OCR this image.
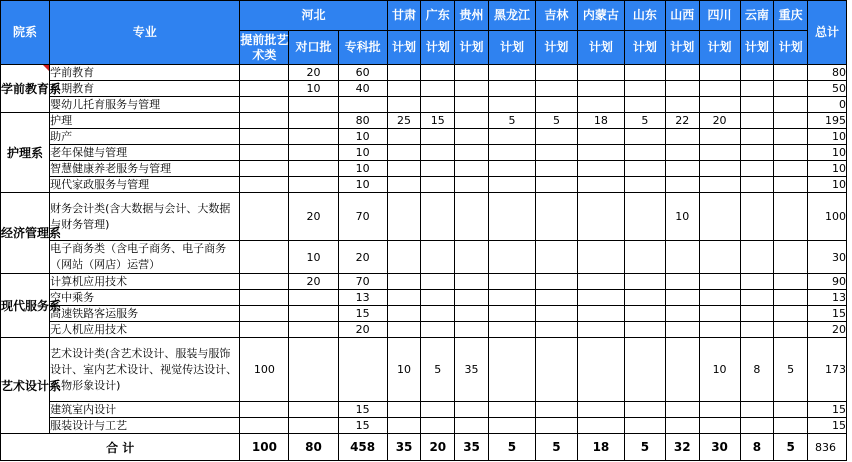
院系	专业	河北			甘肃	广东	贵州	黑龙江	吉林	内蒙古	山东	山西	四川	云南	重庆	总计
		提前批艺术类	对口批	专科批	计划	计划	计划	计划	计划	计划	计划	计划	计划	计划	计划	
学前教育系	学前教育		20	60												80
	早期教育		10	40												50
	婴幼儿托育服务与管理															0
护理系	护理			80	25	15		5	5	18	5	22	20			195
	助产			10												10
	老年保健与管理			10												10
	智慧健康养老服务与管理			10												10
	现代家政服务与管理			10												10
经济管理系	财务会计类(含大数据与会计、大数据与财务管理)		20	70								10				100
	电子商务类（含电子商务、电子商务（网站（网店）运营）		10	20												30
现代服务系	计算机应用技术		20	70												90
	空中乘务			13												13
	高速铁路客运服务			15												15
	无人机应用技术			20												20
艺术设计系	艺术设计类(含艺术设计、服装与服饰设计、室内艺术设计、视觉传达设计、人物形象设计)	100			10	5	35						10	8	5	173
	建筑室内设计			15												15
	服装设计与工艺			15												15
合 计		100	80	458	35	20	35	5	5	18	5	32	30	8	5	836
